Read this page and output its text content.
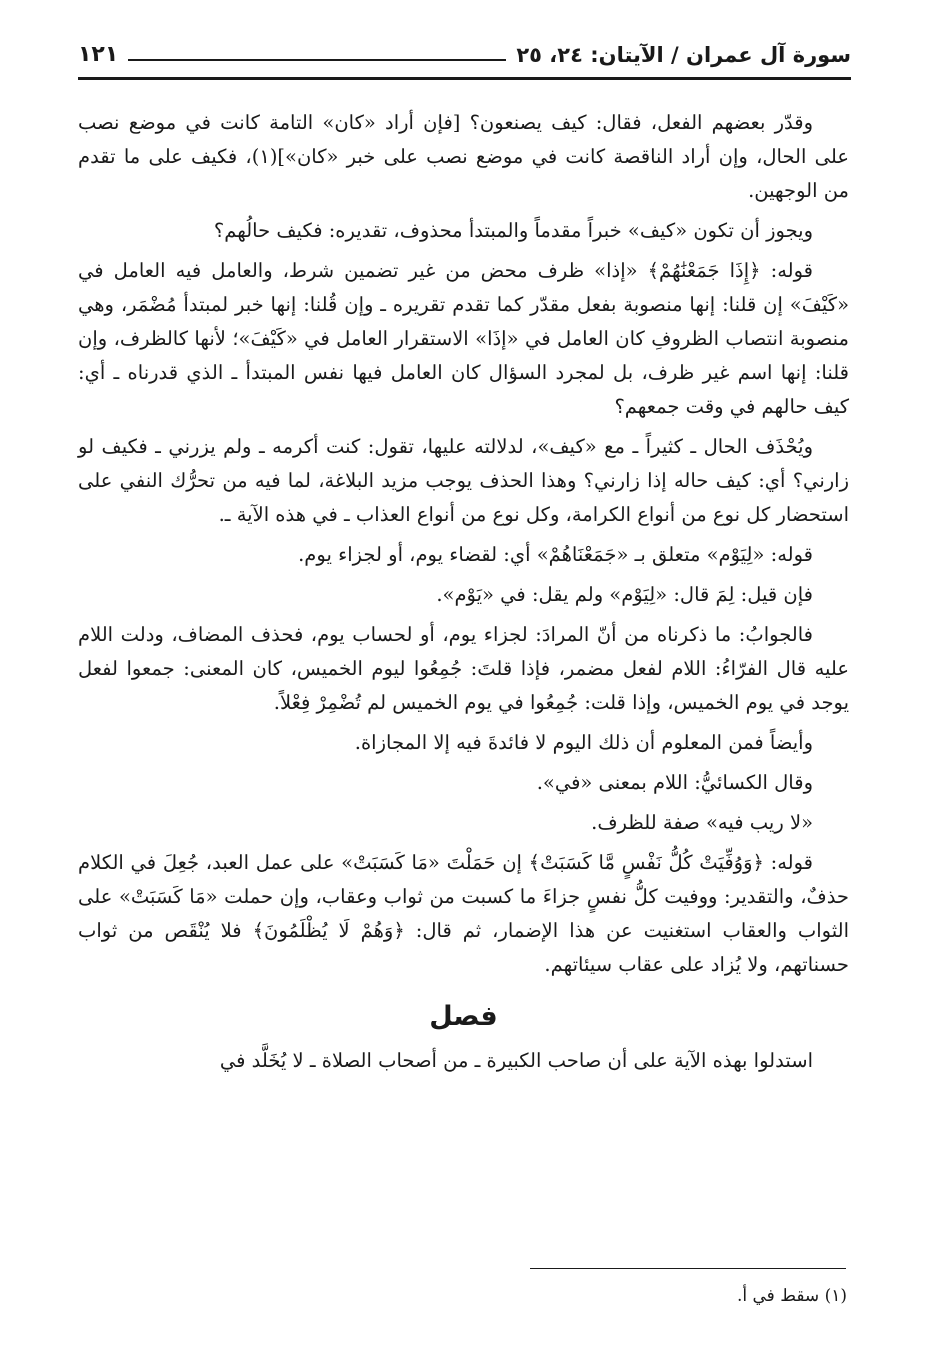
سورة آل عمران / الآيتان: ٢٤، ٢٥
١٢١

وقدّر بعضهم الفعل، فقال: كيف يصنعون؟ [فإن أراد «كان» التامة كانت في موضع نصب على الحال، وإن أراد الناقصة كانت في موضع نصب على خبر «كان»](١)، فكيف على ما تقدم من الوجهين.

ويجوز أن تكون «كيف» خبراً مقدماً والمبتدأ محذوف، تقديره: فكيف حالُهم؟

قوله: ﴿إِذَا جَمَعْنَٰهُمْ﴾ «إذا» ظرف محض من غير تضمين شرط، والعامل فيه العامل في «كَيْفَ» إن قلنا: إنها منصوبة بفعل مقدّر كما تقدم تقريره ـ وإن قُلنا: إنها خبر لمبتدأ مُضْمَر، وهي منصوبة انتصاب الظروفِ كان العامل في «إذَا» الاستقرار العامل في «كَيْفَ»؛ لأنها كالظرف، وإن قلنا: إنها اسم غير ظرف، بل لمجرد السؤال كان العامل فيها نفس المبتدأ ـ الذي قدرناه ـ أي: كيف حالهم في وقت جمعهم؟

ويُحْذَف الحال ـ كثيراً ـ مع «كيف»، لدلالته عليها، تقول: كنت أكرمه ـ ولم يزرني ـ فكيف لو زارني؟ أي: كيف حاله إذا زارني؟ وهذا الحذف يوجب مزيد البلاغة، لما فيه من تحرُّك النفي على استحضار كل نوع من أنواع الكرامة، وكل نوع من أنواع العذاب ـ في هذه الآية ـ.

قوله: «لِيَوْم» متعلق بـ «جَمَعْنَاهُمْ» أي: لقضاء يوم، أو لجزاء يوم.

فإن قيل: لِمَ قال: «لِيَوْم» ولم يقل: في «يَوْم».

فالجوابُ: ما ذكرناه من أنّ المرادَ: لجزاء يوم، أو لحساب يوم، فحذف المضاف، ودلت اللام عليه قال الفرّاءُ: اللام لفعل مضمر، فإذا قلتَ: جُمِعُوا ليوم الخميس، كان المعنى: جمعوا لفعل يوجد في يوم الخميس، وإذا قلت: جُمِعُوا في يوم الخميس لم تُضْمِرْ فِعْلاً.

وأيضاً فمن المعلوم أن ذلك اليوم لا فائدةَ فيه إلا المجازاة.

وقال الكسائيُّ: اللام بمعنى «في».

«لا ريب فيه» صفة للظرف.

قوله: ﴿وَوُفِّيَتْ كُلُّ نَفْسٍ مَّا كَسَبَتْ﴾ إن حَمَلْتَ «مَا كَسَبَتْ» على عمل العبد، جُعِلَ في الكلام حذفٌ، والتقدير: ووفيت كلُّ نفسٍ جزاءَ ما كسبت من ثواب وعقاب، وإن حملت «مَا كَسَبَتْ» على الثواب والعقاب استغنيت عن هذا الإضمار، ثم قال: ﴿وَهُمْ لَا يُظْلَمُونَ﴾ فلا يُنْقَص من ثواب حسناتهم، ولا يُزاد على عقاب سيئاتهم.

فصل

استدلوا بهذه الآية على أن صاحب الكبيرة ـ من أصحاب الصلاة ـ لا يُخَلَّد في

(١) سقط في أ.
